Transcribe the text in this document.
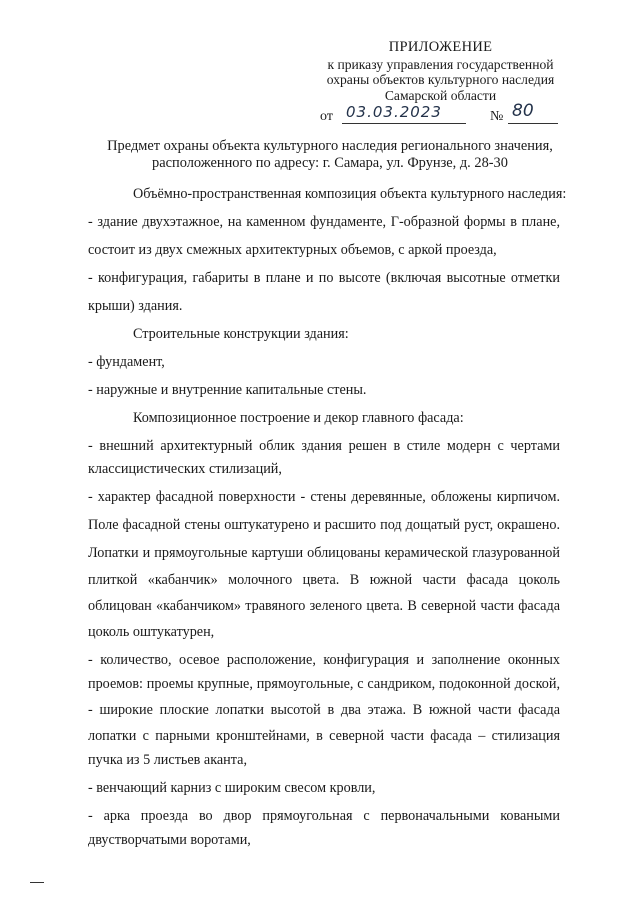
ПРИЛОЖЕНИЕ
к приказу управления государственной
охраны объектов культурного наследия
Самарской области
от 03.03.2023	№ 80
Предмет охраны объекта культурного наследия регионального значения,
расположенного по адресу: г. Самара, ул. Фрунзе, д. 28-30
Объёмно-пространственная композиция объекта культурного наследия:
- здание двухэтажное, на каменном фундаменте, Г-образной формы в плане,
состоит из двух смежных архитектурных объемов, с аркой проезда,
- конфигурация, габариты в плане и по высоте (включая высотные отметки
крыши) здания.
Строительные конструкции здания:
- фундамент,
- наружные и внутренние капитальные стены.
Композиционное построение и декор главного фасада:
- внешний архитектурный облик здания решен в стиле модерн с чертами
классицистических стилизаций,
- характер фасадной поверхности - стены деревянные, обложены кирпичом.
Поле фасадной стены оштукатурено и расшито под дощатый руст, окрашено.
Лопатки и прямоугольные картуши облицованы керамической глазурованной
плиткой «кабанчик» молочного цвета. В южной части фасада цоколь
облицован «кабанчиком» травяного зеленого цвета. В северной части фасада
цоколь оштукатурен,
- количество, осевое расположение, конфигурация и заполнение оконных
проемов: проемы крупные, прямоугольные, с сандриком, подоконной доской,
- широкие плоские лопатки высотой в два этажа. В южной части фасада
лопатки с парными кронштейнами, в северной части фасада – стилизация
пучка из 5 листьев аканта,
- венчающий карниз с широким свесом кровли,
- арка проезда во двор прямоугольная с первоначальными коваными
двустворчатыми воротами,
